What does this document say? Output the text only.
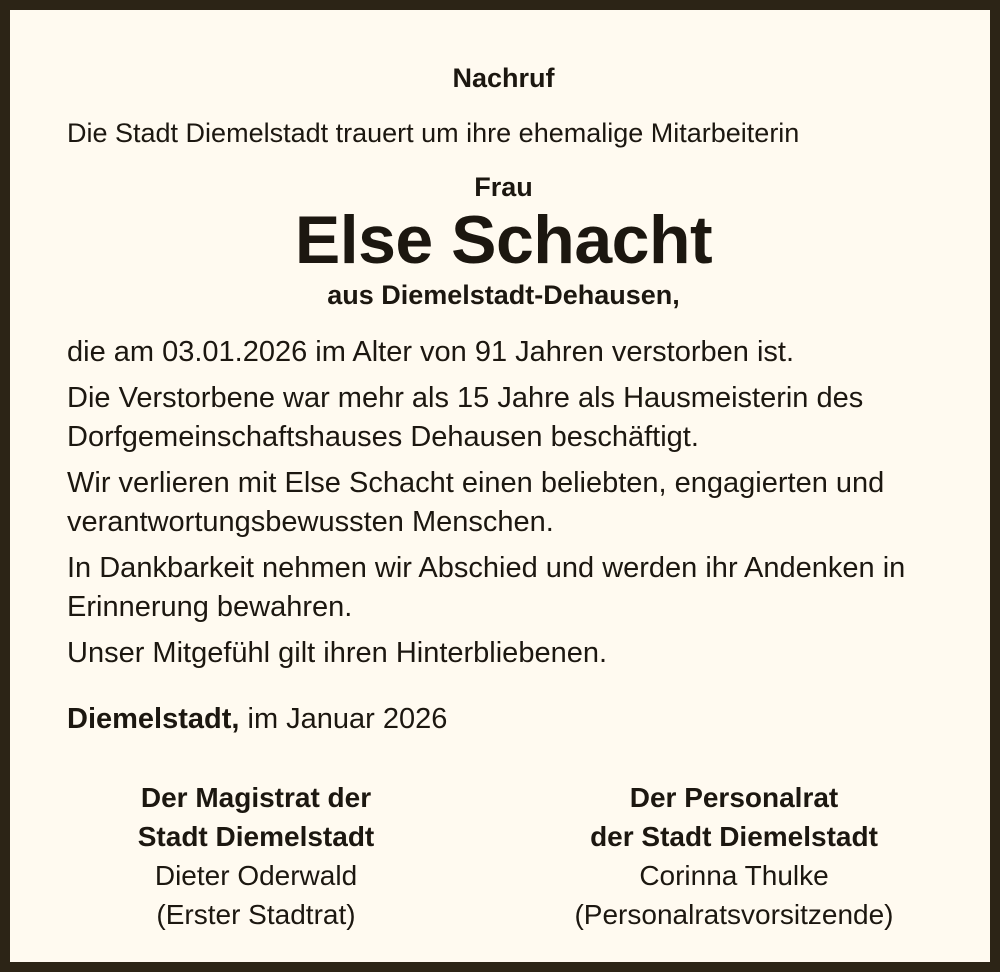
Nachruf
Die Stadt Diemelstadt trauert um ihre ehemalige Mitarbeiterin
Frau
Else Schacht
aus Diemelstadt-Dehausen,
die am 03.01.2026 im Alter von 91 Jahren verstorben ist.
Die Verstorbene war mehr als 15 Jahre als Hausmeisterin des Dorfgemeinschaftshauses Dehausen beschäftigt.
Wir verlieren mit Else Schacht einen beliebten, engagierten und verantwortungsbewussten Menschen.
In Dankbarkeit nehmen wir Abschied und werden ihr Andenken in Erinnerung bewahren.
Unser Mitgefühl gilt ihren Hinterbliebenen.
Diemelstadt, im Januar 2026
Der Magistrat der
Stadt Diemelstadt
Dieter Oderwald
(Erster Stadtrat)
Der Personalrat
der Stadt Diemelstadt
Corinna Thulke
(Personalratsvorsitzende)
